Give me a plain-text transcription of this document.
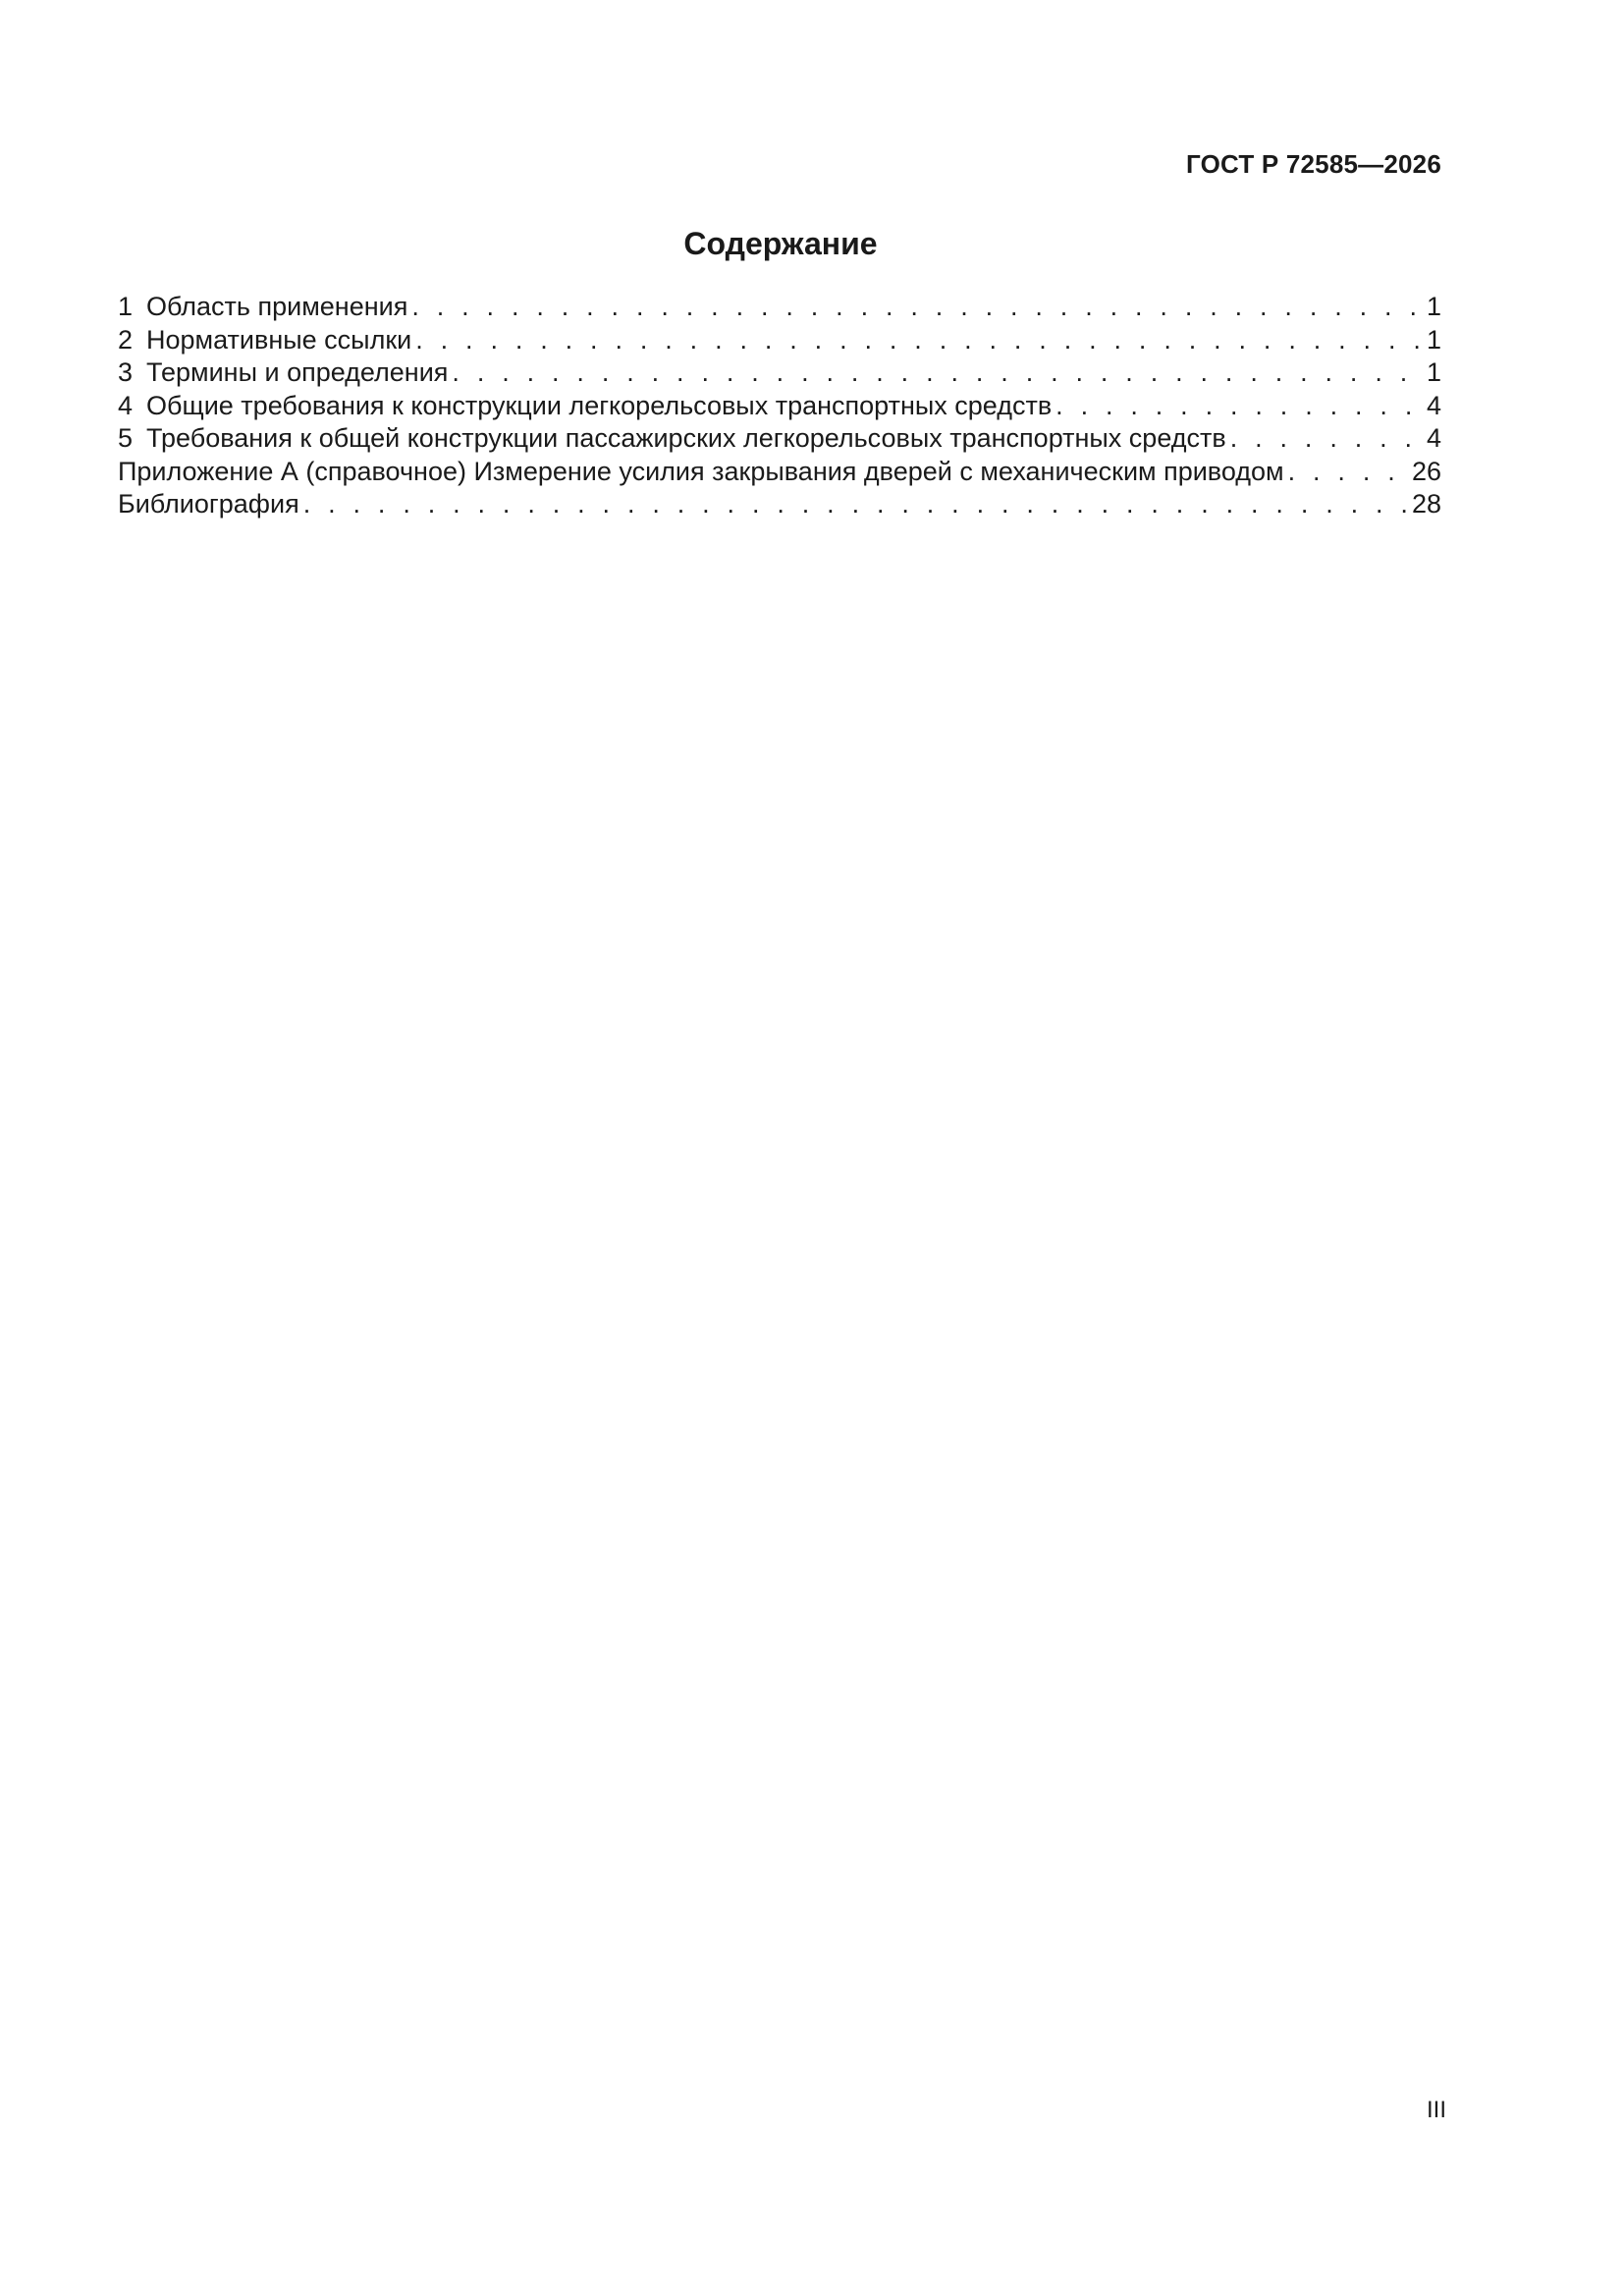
ГОСТ Р 72585—2026
Содержание
1 Область применения . . .	1
2 Нормативные ссылки . . .	1
3 Термины и определения . . .	1
4 Общие требования к конструкции легкорельсовых транспортных средств . . .	4
5 Требования к общей конструкции пассажирских легкорельсовых транспортных средств . . .	4
Приложение А (справочное) Измерение усилия закрывания дверей с механическим приводом . . .	26
Библиография . . .	28
III
